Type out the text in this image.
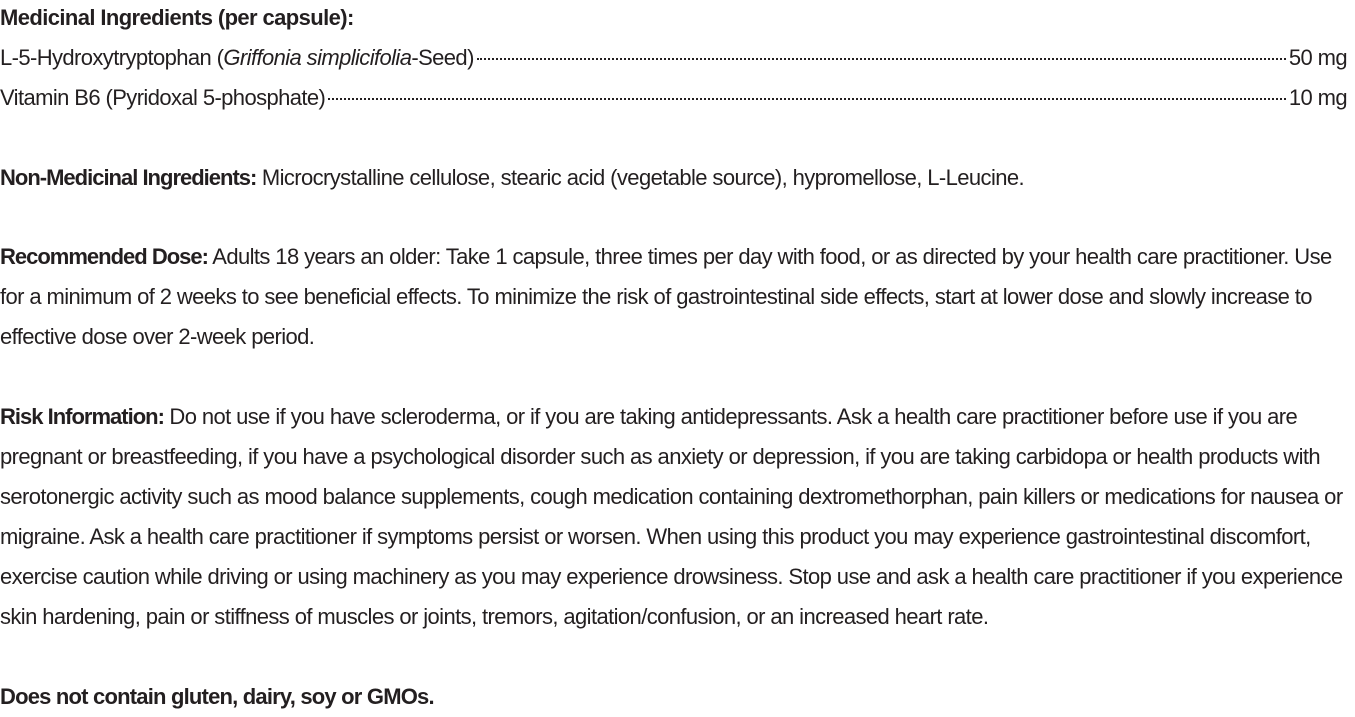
Medicinal Ingredients (per capsule):
L-5-Hydroxytryptophan (Griffonia simplicifolia-Seed)	50 mg
Vitamin B6 (Pyridoxal 5-phosphate)	10 mg
Non-Medicinal Ingredients: Microcrystalline cellulose, stearic acid (vegetable source), hypromellose, L-Leucine.
Recommended Dose: Adults 18 years an older: Take 1 capsule, three times per day with food, or as directed by your health care practitioner. Use for a minimum of 2 weeks to see beneficial effects. To minimize the risk of gastrointestinal side effects, start at lower dose and slowly increase to effective dose over 2-week period.
Risk Information: Do not use if you have scleroderma, or if you are taking antidepressants. Ask a health care practitioner before use if you are pregnant or breastfeeding, if you have a psychological disorder such as anxiety or depression, if you are taking carbidopa or health products with serotonergic activity such as mood balance supplements, cough medication containing dextromethorphan, pain killers or medications for nausea or migraine. Ask a health care practitioner if symptoms persist or worsen. When using this product you may experience gastrointestinal discomfort, exercise caution while driving or using machinery as you may experience drowsiness. Stop use and ask a health care practitioner if you experience skin hardening, pain or stiffness of muscles or joints, tremors, agitation/confusion, or an increased heart rate.
Does not contain gluten, dairy, soy or GMOs.
